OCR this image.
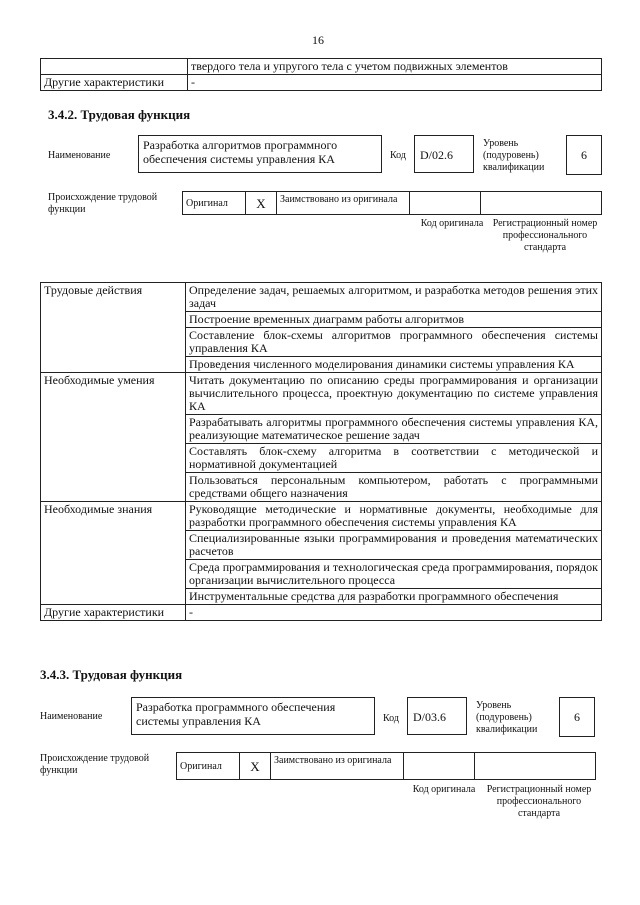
16
	твердого тела и упругого тела с учетом подвижных элементов
Другие характеристики	-
3.4.2. Трудовая функция
Наименование
Разработка алгоритмов программного обеспечения системы управления КА	Код	D/02.6
Уровень (подуровень) квалификации
6
Происхождение трудовой функции
Оригинал	X	Заимствовано из оригинала		
Код оригинала Регистрационный номер профессионального стандарта
Трудовые действия	Определение задач, решаемых алгоритмом, и разработка методов решения этих задач
	Построение временных диаграмм работы алгоритмов
	Составление блок-схемы алгоритмов программного обеспечения системы управления КА
	Проведения численного моделирования динамики системы управления КА
Необходимые умения	Читать документацию по описанию среды программирования и организации вычислительного процесса, проектную документацию по системе управления КА
	Разрабатывать алгоритмы программного обеспечения системы управления КА, реализующие математическое решение задач
	Составлять блок-схему алгоритма в соответствии с методической и нормативной документацией
	Пользоваться персональным компьютером, работать с программными средствами общего назначения
Необходимые знания	Руководящие методические и нормативные документы, необходимые для разработки программного обеспечения системы управления КА
	Специализированные языки программирования и проведения математических расчетов
	Среда программирования и технологическая среда программирования, порядок организации вычислительного процесса
	Инструментальные средства для разработки программного обеспечения
Другие характеристики	-
3.4.3. Трудовая функция
Наименование
Разработка программного обеспечения системы управления КА	Код	D/03.6
Уровень (подуровень) квалификации
6
Происхождение трудовой функции	Оригинал	X	Заимствовано из оригинала		
Код оригинала Регистрационный номер профессионального стандарта
